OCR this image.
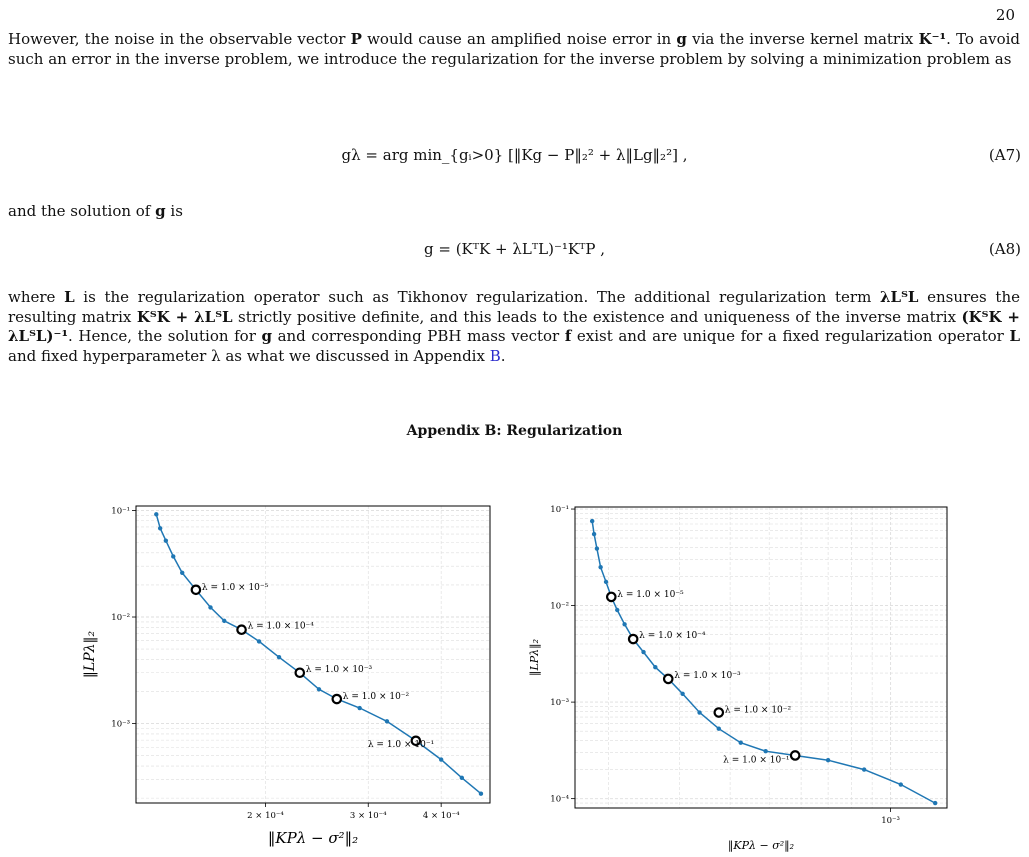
20
However, the noise in the observable vector P would cause an amplified noise error in g via the inverse kernel matrix K⁻¹. To avoid such an error in the inverse problem, we introduce the regularization for the inverse problem by solving a minimization problem as
gλ = arg min_{gᵢ>0} [‖Kg − P‖₂² + λ‖Lg‖₂²] ,	(A7)
and the solution of g is
g = (KᵀK + λLᵀL)⁻¹KᵀP ,	(A8)
where L is the regularization operator such as Tikhonov regularization. The additional regularization term λLᵀL ensures the resulting matrix KᵀK + λLᵀL strictly positive definite, and this leads to the existence and uniqueness of the inverse matrix (KᵀK + λLᵀL)⁻¹. Hence, the solution for g and corresponding PBH mass vector f exist and are unique for a fixed regularization operator L and fixed hyperparameter λ as what we discussed in Appendix B.
Appendix B: Regularization
10⁻¹
10⁻²
10⁻³
2 × 10⁻⁴	3 × 10⁻⁴	4 × 10⁻⁴
‖KPλ − σ²‖₂
‖LPλ‖₂
λ = 1.0 × 10⁻⁵
λ = 1.0 × 10⁻⁴
λ = 1.0 × 10⁻³
λ = 1.0 × 10⁻²
λ = 1.0 × 10⁻¹
10⁻¹
10⁻²
10⁻³
10⁻⁴
10⁻³
‖KPλ − σ²‖₂
‖LPλ‖₂
λ = 1.0 × 10⁻⁵
λ = 1.0 × 10⁻⁴
λ = 1.0 × 10⁻³
λ = 1.0 × 10⁻²
λ = 1.0 × 10⁻¹
